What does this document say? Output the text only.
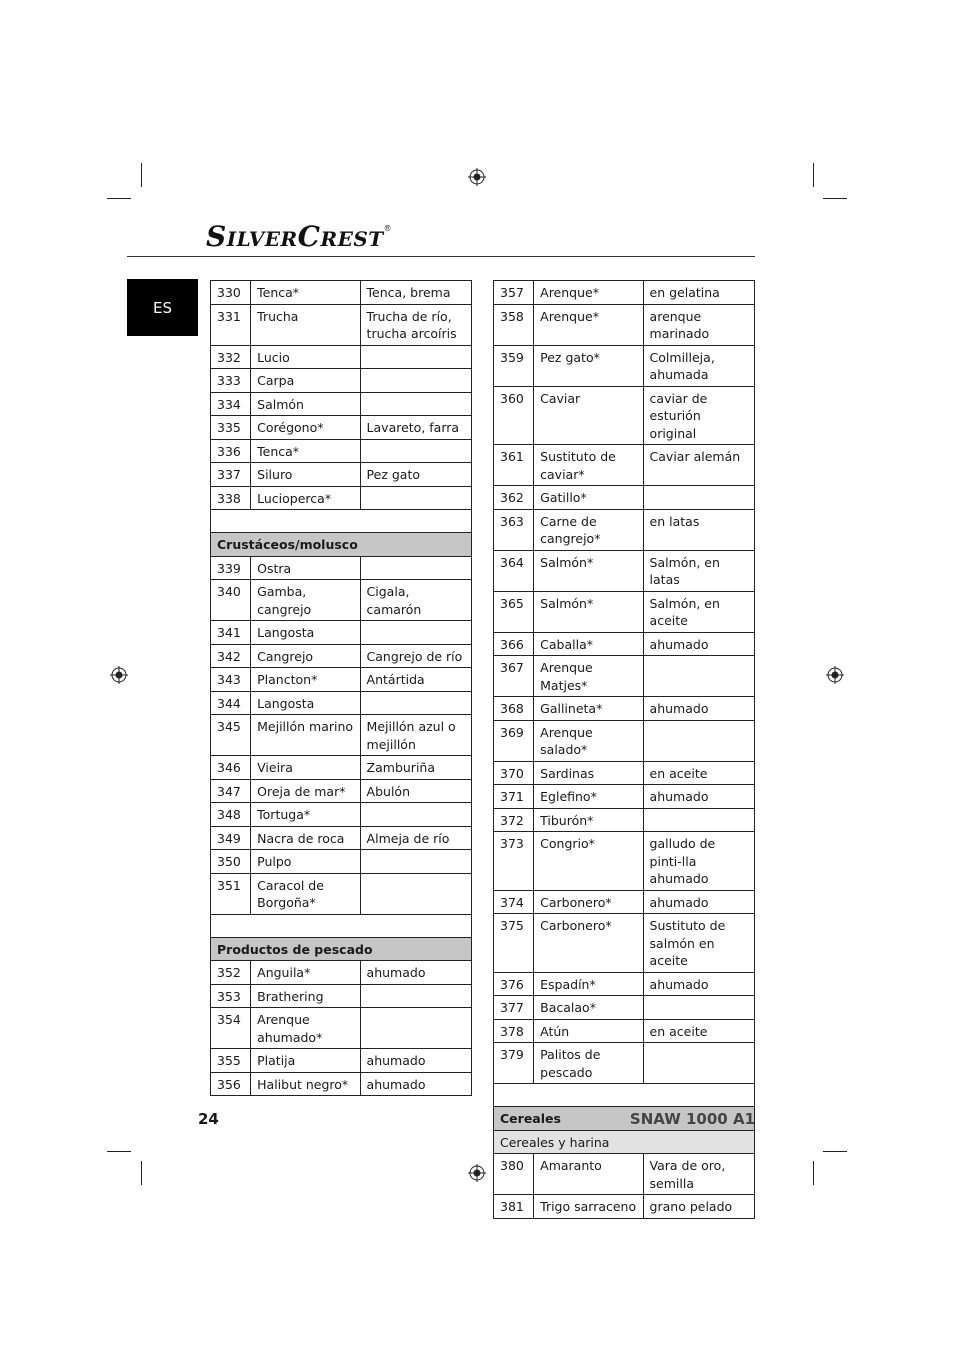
SILVERCREST®
ES
330	Tenca*	Tenca, brema
331	Trucha	Trucha de río, trucha arcoíris
332	Lucio	
333	Carpa	
334	Salmón	
335	Corégono*	Lavareto, farra
336	Tenca*	
337	Siluro	Pez gato
338	Lucioperca*	

Crustáceos/molusco		
339	Ostra	
340	Gamba, cangrejo	Cigala, camarón
341	Langosta	
342	Cangrejo	Cangrejo de río
343	Plancton*	Antártida
344	Langosta	
345	Mejillón marino	Mejillón azul o mejillón
346	Vieira	Zamburiña
347	Oreja de mar*	Abulón
348	Tortuga*	
349	Nacra de roca	Almeja de río
350	Pulpo	
351	Caracol de Borgoña*	

Productos de pescado		
352	Anguila*	ahumado
353	Brathering	
354	Arenque ahumado*	
355	Platija	ahumado
356	Halibut negro*	ahumado
357	Arenque*	en gelatina
358	Arenque*	arenque marinado
359	Pez gato*	Colmilleja, ahumada
360	Caviar	caviar de esturión original
361	Sustituto de caviar*	Caviar alemán
362	Gatillo*	
363	Carne de cangrejo*	en latas
364	Salmón*	Salmón, en latas
365	Salmón*	Salmón, en aceite
366	Caballa*	ahumado
367	Arenque Matjes*	
368	Gallineta*	ahumado
369	Arenque salado*	
370	Sardinas	en aceite
371	Eglefino*	ahumado
372	Tiburón*	
373	Congrio*	galludo de pinti-lla ahumado
374	Carbonero*	ahumado
375	Carbonero*	Sustituto de salmón en aceite
376	Espadín*	ahumado
377	Bacalao*	
378	Atún	en aceite
379	Palitos de pescado	

Cereales		
Cereales y harina		
380	Amaranto	Vara de oro, semilla
381	Trigo sarraceno	grano pelado
24	SNAW 1000 A1
